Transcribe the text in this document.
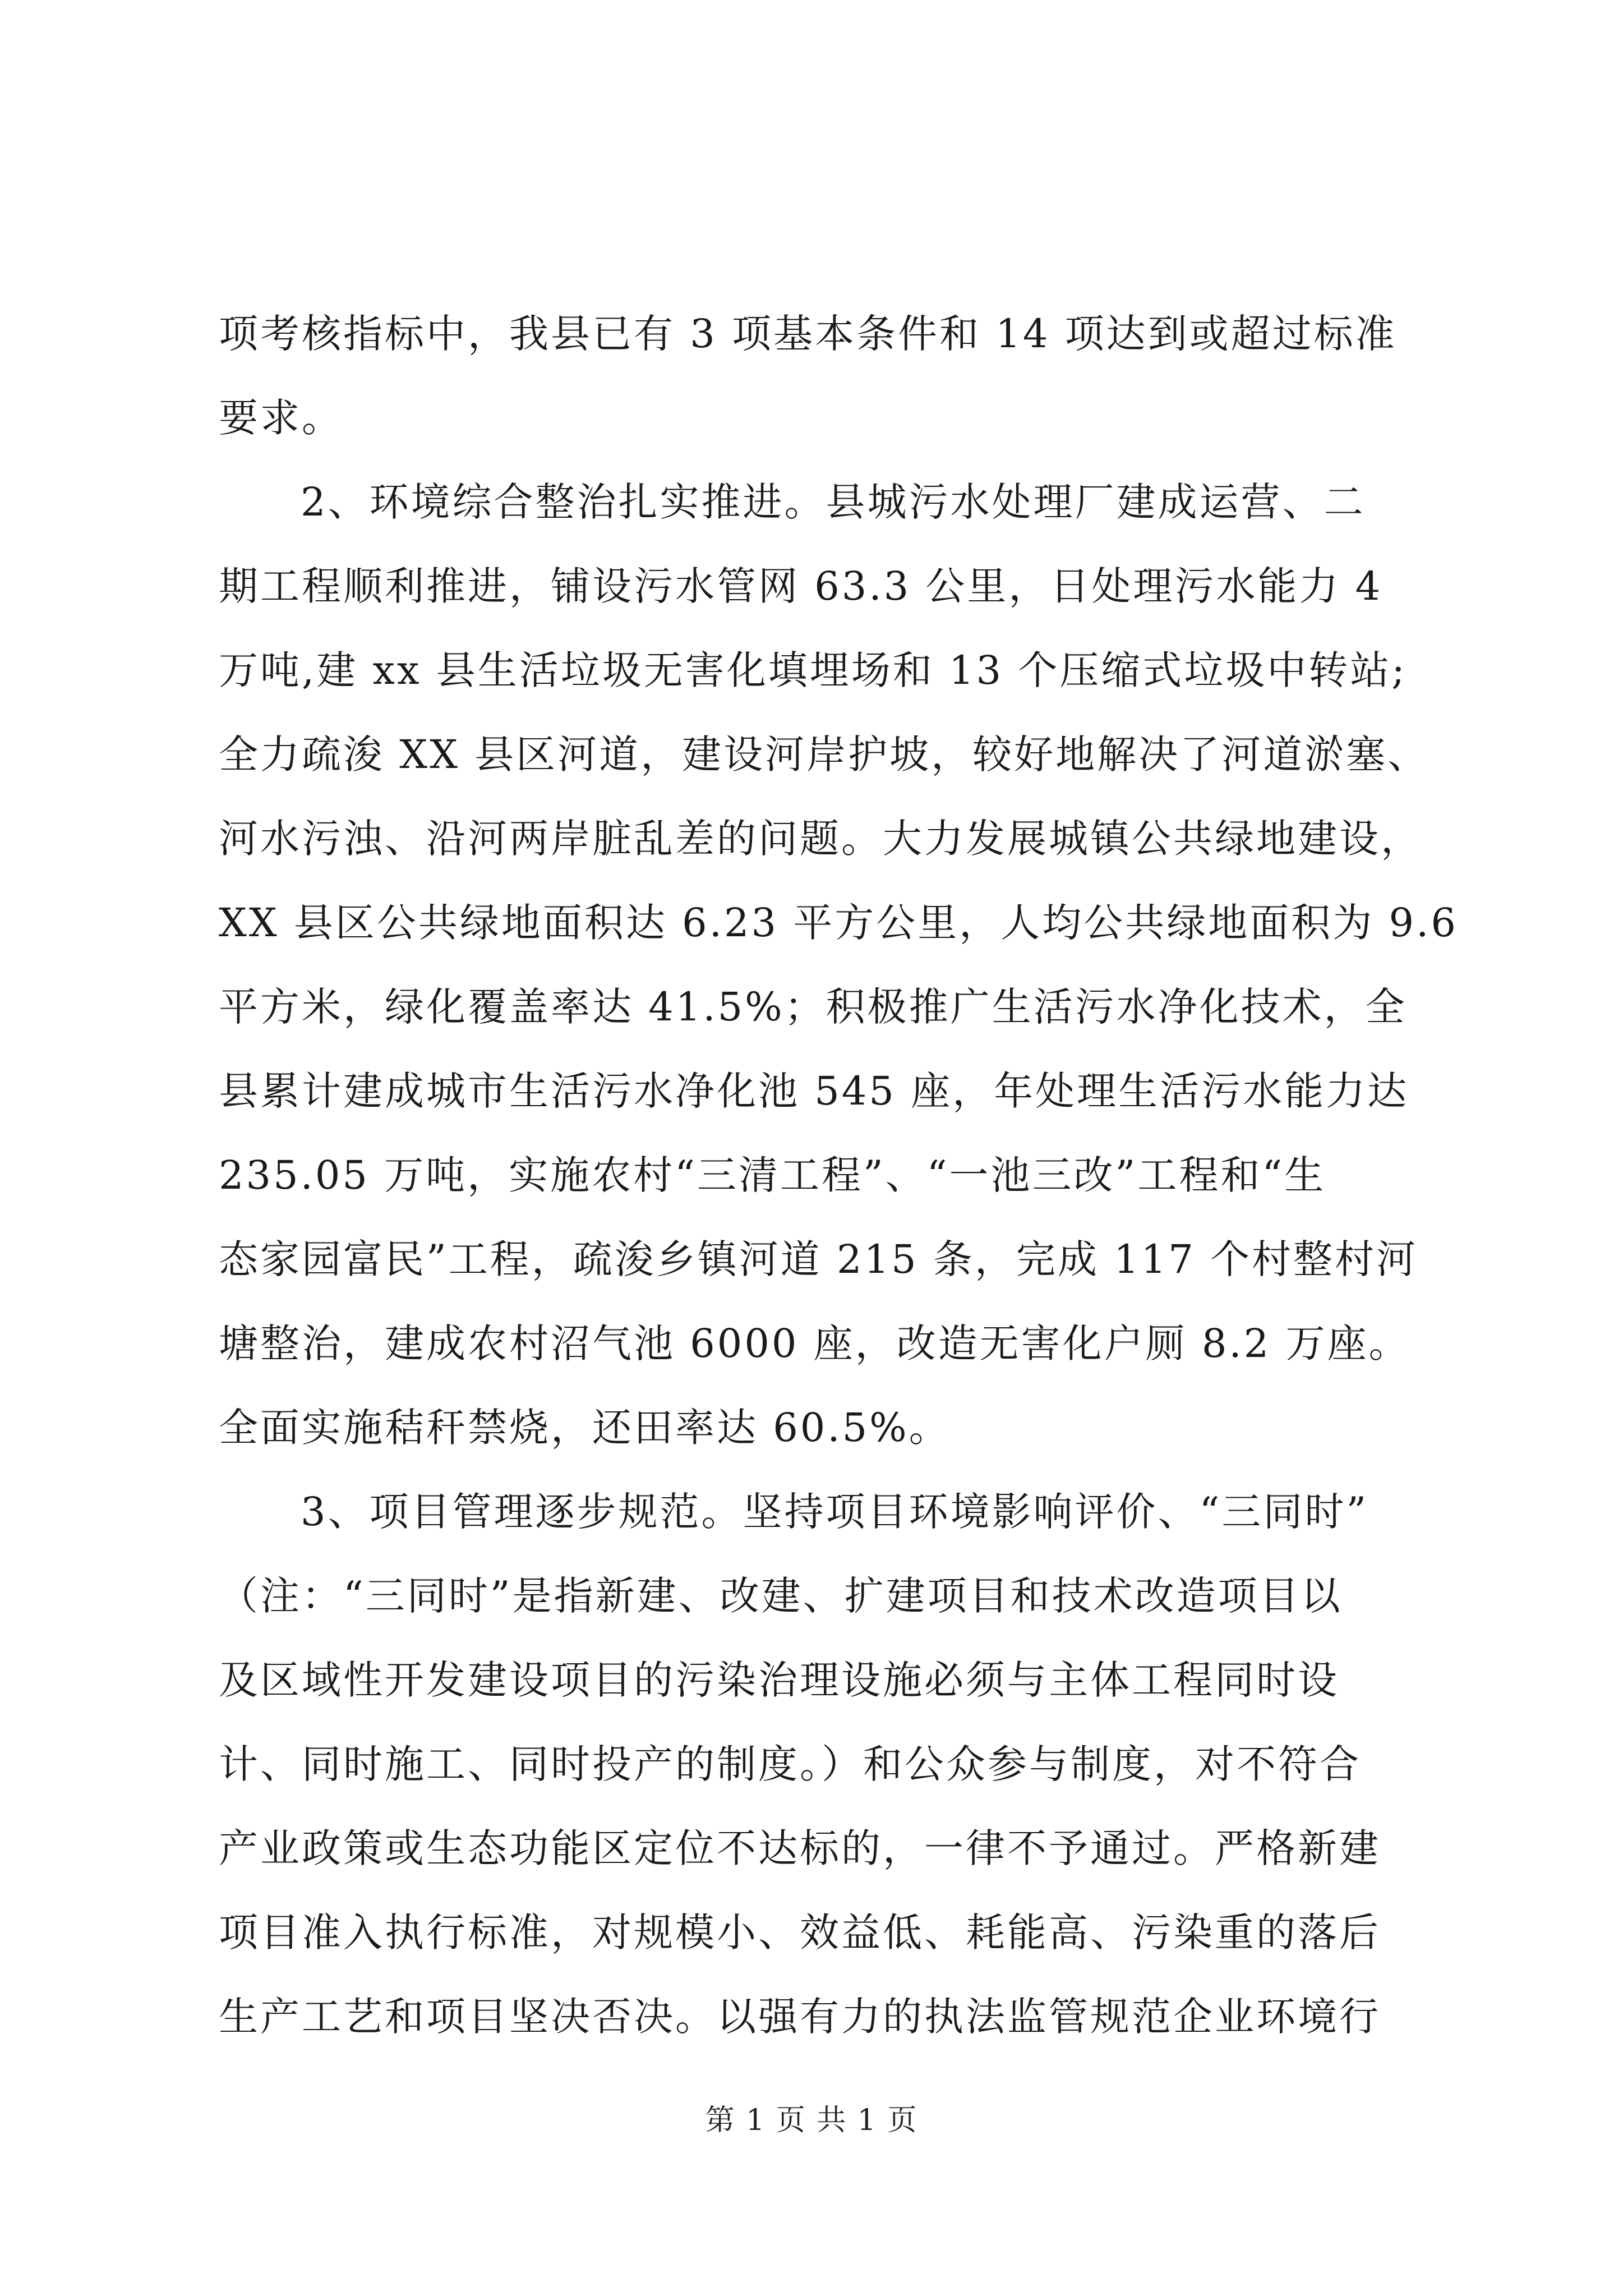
项考核指标中，我县已有 3 项基本条件和 14 项达到或超过标准
要求。
2、环境综合整治扎实推进。县城污水处理厂建成运营、二
期工程顺利推进，铺设污水管网 63.3 公里，日处理污水能力 4
万吨,建 xx 县生活垃圾无害化填埋场和 13 个压缩式垃圾中转站;
全力疏浚 XX 县区河道，建设河岸护坡，较好地解决了河道淤塞、
河水污浊、沿河两岸脏乱差的问题。大力发展城镇公共绿地建设，
XX 县区公共绿地面积达 6.23 平方公里，人均公共绿地面积为 9.6
平方米，绿化覆盖率达 41.5%；积极推广生活污水净化技术，全
县累计建成城市生活污水净化池 545 座，年处理生活污水能力达
235.05 万吨，实施农村“三清工程”、“一池三改”工程和“生
态家园富民”工程，疏浚乡镇河道 215 条，完成 117 个村整村河
塘整治，建成农村沼气池 6000 座，改造无害化户厕 8.2 万座。
全面实施秸秆禁烧，还田率达 60.5%。
3、项目管理逐步规范。坚持项目环境影响评价、“三同时”
（注：“三同时”是指新建、改建、扩建项目和技术改造项目以
及区域性开发建设项目的污染治理设施必须与主体工程同时设
计、同时施工、同时投产的制度。）和公众参与制度，对不符合
产业政策或生态功能区定位不达标的，一律不予通过。严格新建
项目准入执行标准，对规模小、效益低、耗能高、污染重的落后
生产工艺和项目坚决否决。以强有力的执法监管规范企业环境行
第 1 页 共 1 页
